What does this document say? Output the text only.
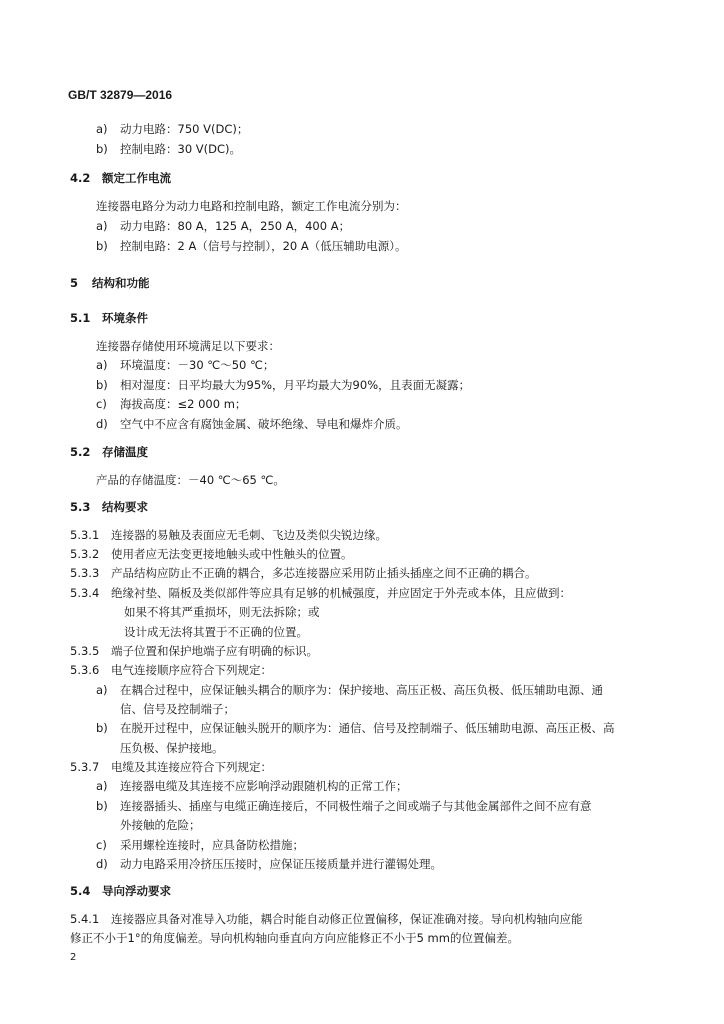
GB/T 32879—2016
a) 动力电路：750 V(DC)；
b) 控制电路：30 V(DC)。
4.2 额定工作电流
连接器电路分为动力电路和控制电路，额定工作电流分别为：
a) 动力电路：80 A，125 A，250 A，400 A；
b) 控制电路：2 A（信号与控制），20 A（低压辅助电源）。
5 结构和功能
5.1 环境条件
连接器存储使用环境满足以下要求：
a) 环境温度：－30 ℃～50 ℃；
b) 相对湿度：日平均最大为95%，月平均最大为90%，且表面无凝露；
c) 海拔高度：≤2 000 m；
d) 空气中不应含有腐蚀金属、破坏绝缘、导电和爆炸介质。
5.2 存储温度
产品的存储温度：－40 ℃～65 ℃。
5.3 结构要求
5.3.1 连接器的易触及表面应无毛刺、飞边及类似尖锐边缘。
5.3.2 使用者应无法变更接地触头或中性触头的位置。
5.3.3 产品结构应防止不正确的耦合，多芯连接器应采用防止插头插座之间不正确的耦合。
5.3.4 绝缘衬垫、隔板及类似部件等应具有足够的机械强度，并应固定于外壳或本体，且应做到：
如果不将其严重损坏，则无法拆除；或
设计成无法将其置于不正确的位置。
5.3.5 端子位置和保护地端子应有明确的标识。
5.3.6 电气连接顺序应符合下列规定：
a) 在耦合过程中，应保证触头耦合的顺序为：保护接地、高压正极、高压负极、低压辅助电源、通
信、信号及控制端子；
b) 在脱开过程中，应保证触头脱开的顺序为：通信、信号及控制端子、低压辅助电源、高压正极、高
压负极、保护接地。
5.3.7 电缆及其连接应符合下列规定：
a) 连接器电缆及其连接不应影响浮动跟随机构的正常工作；
b) 连接器插头、插座与电缆正确连接后，不同极性端子之间或端子与其他金属部件之间不应有意
外接触的危险；
c) 采用螺栓连接时，应具备防松措施；
d) 动力电路采用冷挤压压接时，应保证压接质量并进行灌锡处理。
5.4 导向浮动要求
5.4.1 连接器应具备对准导入功能，耦合时能自动修正位置偏移，保证准确对接。导向机构轴向应能
修正不小于1°的角度偏差。导向机构轴向垂直向方向应能修正不小于5 mm的位置偏差。
2
